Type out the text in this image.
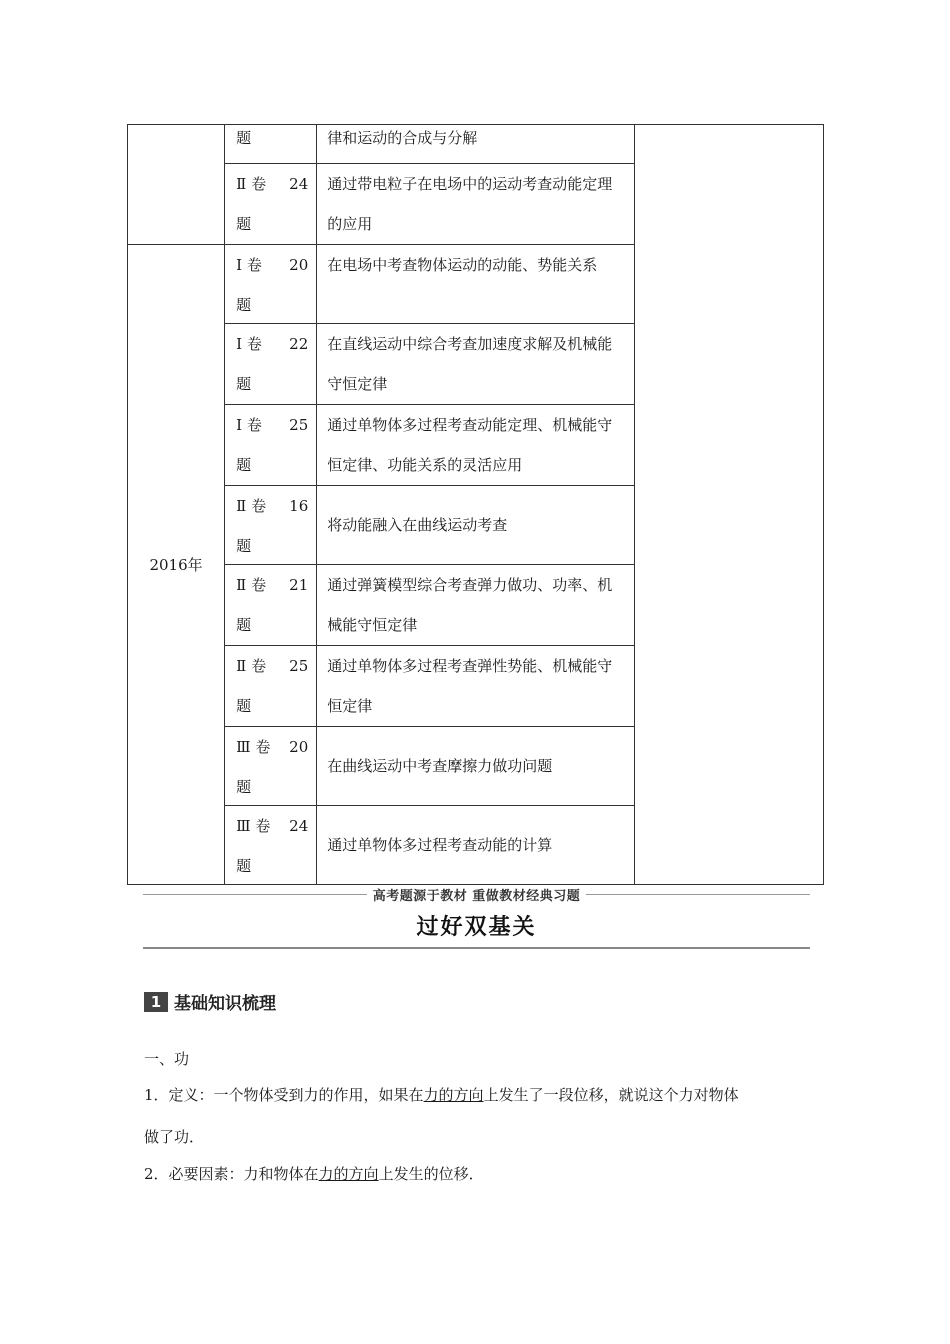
	题	律和运动的合成与分解	

	Ⅱ 卷 24
题	通过带电粒子在电场中的运动考查动能定理的应用	

2016年	Ⅰ 卷 20
题	在电场中考查物体运动的动能、势能关系	

	Ⅰ 卷 22
题	在直线运动中综合考查加速度求解及机械能守恒定律	

	Ⅰ 卷 25
题	通过单物体多过程考查动能定理、机械能守恒定律、功能关系的灵活应用	

	Ⅱ 卷 16
题	将动能融入在曲线运动考查	

	Ⅱ 卷 21
题	通过弹簧模型综合考查弹力做功、功率、机械能守恒定律	

	Ⅱ 卷 25
题	通过单物体多过程考查弹性势能、机械能守恒定律	

	Ⅲ 卷 20
题	在曲线运动中考查摩擦力做功问题	

	Ⅲ 卷 24
题	通过单物体多过程考查动能的计算	
高考题源于教材 重做教材经典习题
过好双基关
1 基础知识梳理
一、功
1．定义：一个物体受到力的作用，如果在力的方向上发生了一段位移，就说这个力对物体
做了功．
2．必要因素：力和物体在力的方向上发生的位移．
